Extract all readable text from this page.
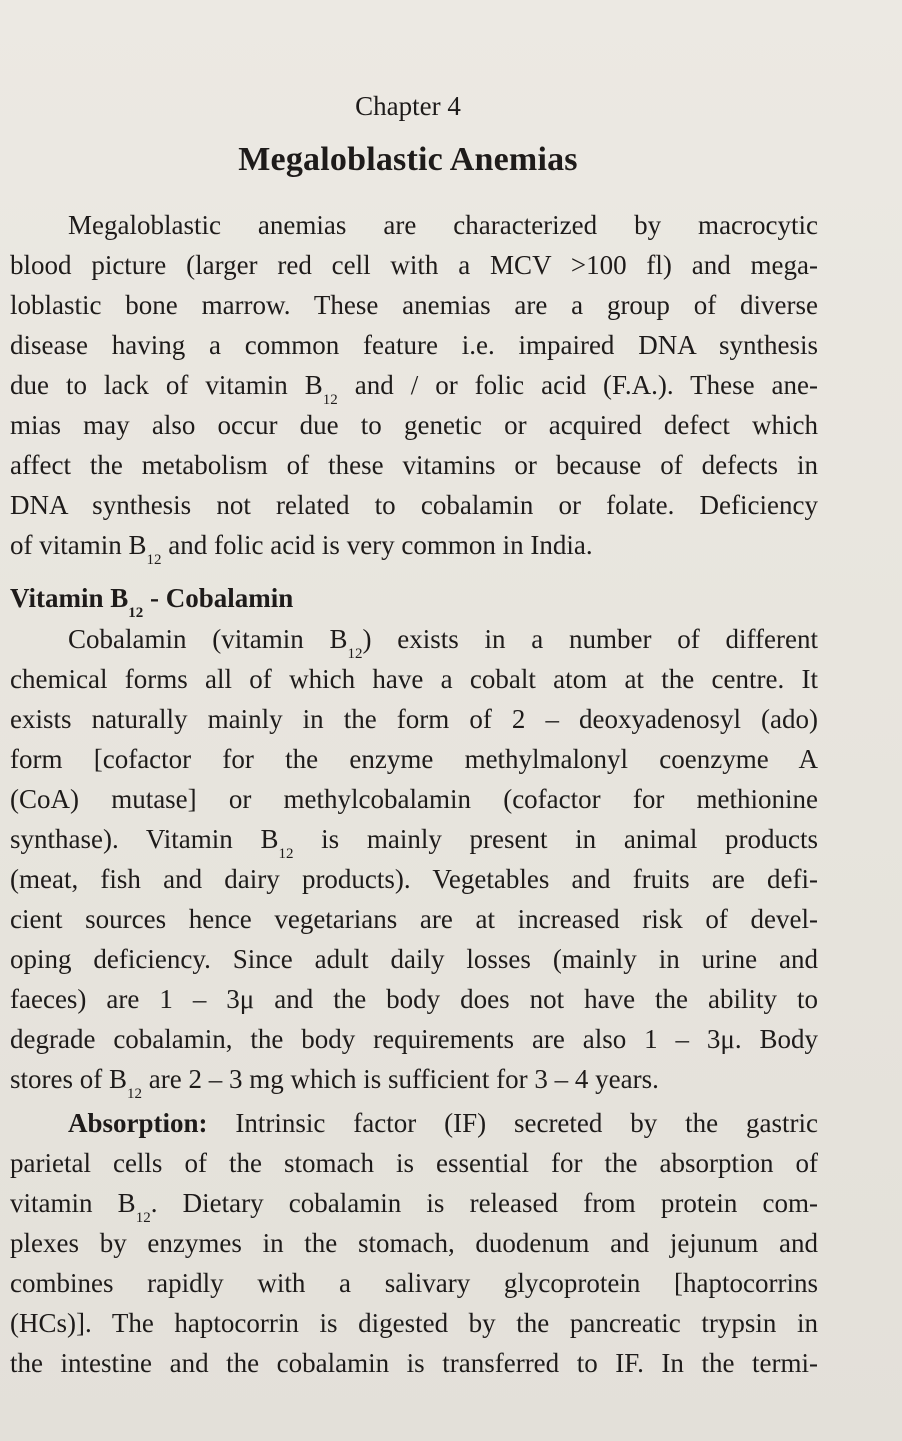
Chapter 4
Megaloblastic Anemias
Megaloblastic anemias are characterized by macrocytic
blood picture (larger red cell with a MCV >100 fl) and mega-
loblastic bone marrow. These anemias are a group of diverse
disease having a common feature i.e. impaired DNA synthesis
due to lack of vitamin $B_{12}$ and / or folic acid (F.A.). These ane-
mias may also occur due to genetic or acquired defect which
affect the metabolism of these vitamins or because of defects in
DNA synthesis not related to cobalamin or folate. Deficiency
of vitamin $B_{12}$ and folic acid is very common in India.
Vitamin $B_{12}$ - Cobalamin
Cobalamin (vitamin $B_{12}$) exists in a number of different
chemical forms all of which have a cobalt atom at the centre. It
exists naturally mainly in the form of 2 – deoxyadenosyl (ado)
form [cofactor for the enzyme methylmalonyl coenzyme A
(CoA) mutase] or methylcobalamin (cofactor for methionine
synthase). Vitamin $B_{12}$ is mainly present in animal products
(meat, fish and dairy products). Vegetables and fruits are defi-
cient sources hence vegetarians are at increased risk of devel-
oping deficiency. Since adult daily losses (mainly in urine and
faeces) are 1 – 3μ and the body does not have the ability to
degrade cobalamin, the body requirements are also 1 – 3μ. Body
stores of $B_{12}$ are 2 – 3 mg which is sufficient for 3 – 4 years.
Absorption: Intrinsic factor (IF) secreted by the gastric
parietal cells of the stomach is essential for the absorption of
vitamin $B_{12}$. Dietary cobalamin is released from protein com-
plexes by enzymes in the stomach, duodenum and jejunum and
combines rapidly with a salivary glycoprotein [haptocorrins
(HCs)]. The haptocorrin is digested by the pancreatic trypsin in
the intestine and the cobalamin is transferred to IF. In the termi-
